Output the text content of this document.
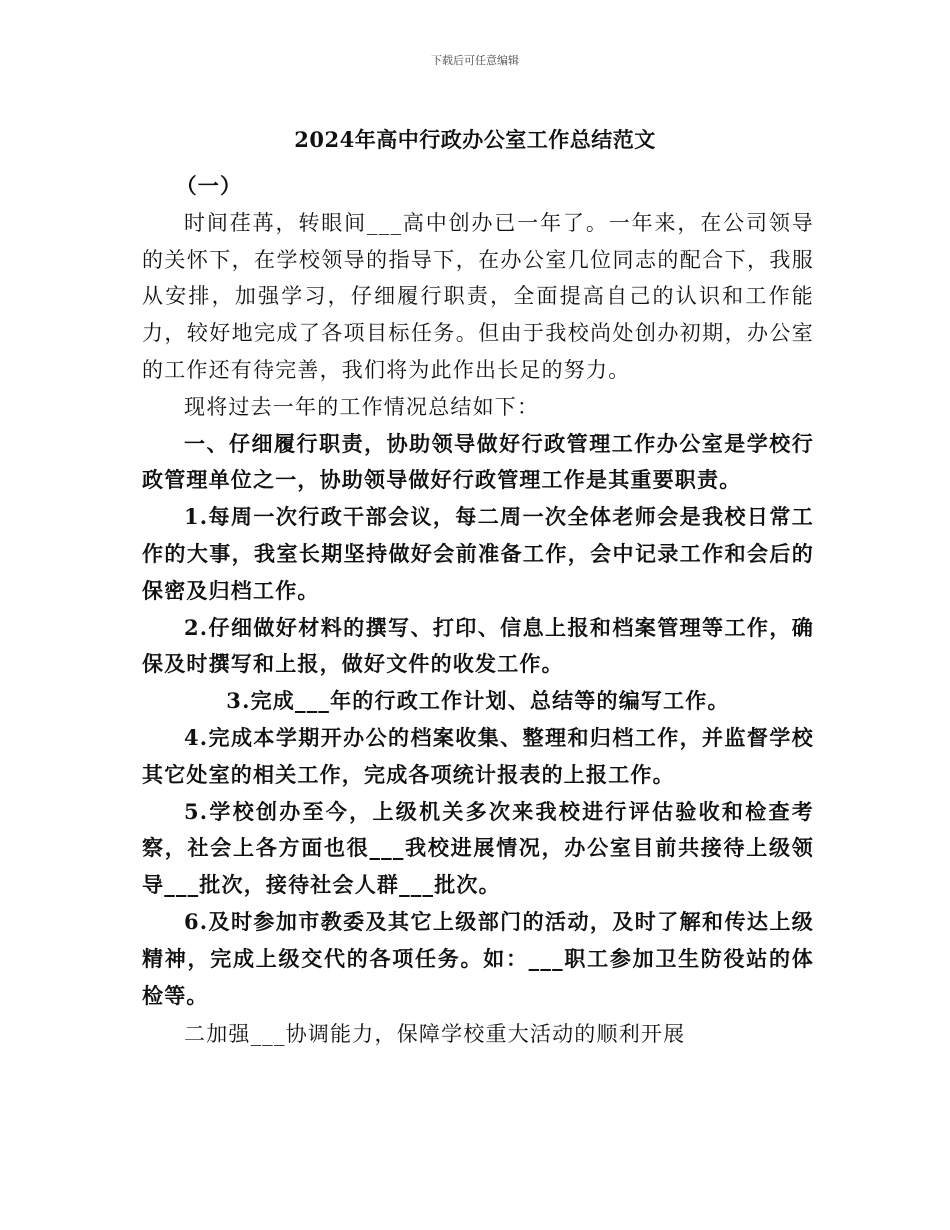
下载后可任意编辑
2024年高中行政办公室工作总结范文

（一）

时间荏苒，转眼间___高中创办已一年了。一年来，在公司领导的关怀下，在学校领导的指导下，在办公室几位同志的配合下，我服从安排，加强学习，仔细履行职责，全面提高自己的认识和工作能力，较好地完成了各项目标任务。但由于我校尚处创办初期，办公室的工作还有待完善，我们将为此作出长足的努力。

现将过去一年的工作情况总结如下：

一、仔细履行职责，协助领导做好行政管理工作办公室是学校行政管理单位之一，协助领导做好行政管理工作是其重要职责。

1.每周一次行政干部会议，每二周一次全体老师会是我校日常工作的大事，我室长期坚持做好会前准备工作，会中记录工作和会后的保密及归档工作。

2.仔细做好材料的撰写、打印、信息上报和档案管理等工作，确保及时撰写和上报，做好文件的收发工作。

3.完成___年的行政工作计划、总结等的编写工作。

4.完成本学期开办公的档案收集、整理和归档工作，并监督学校其它处室的相关工作，完成各项统计报表的上报工作。

5.学校创办至今，上级机关多次来我校进行评估验收和检查考察，社会上各方面也很___我校进展情况，办公室目前共接待上级领导___批次，接待社会人群___批次。

6.及时参加市教委及其它上级部门的活动，及时了解和传达上级精神，完成上级交代的各项任务。如：___职工参加卫生防役站的体检等。

二加强___协调能力，保障学校重大活动的顺利开展
